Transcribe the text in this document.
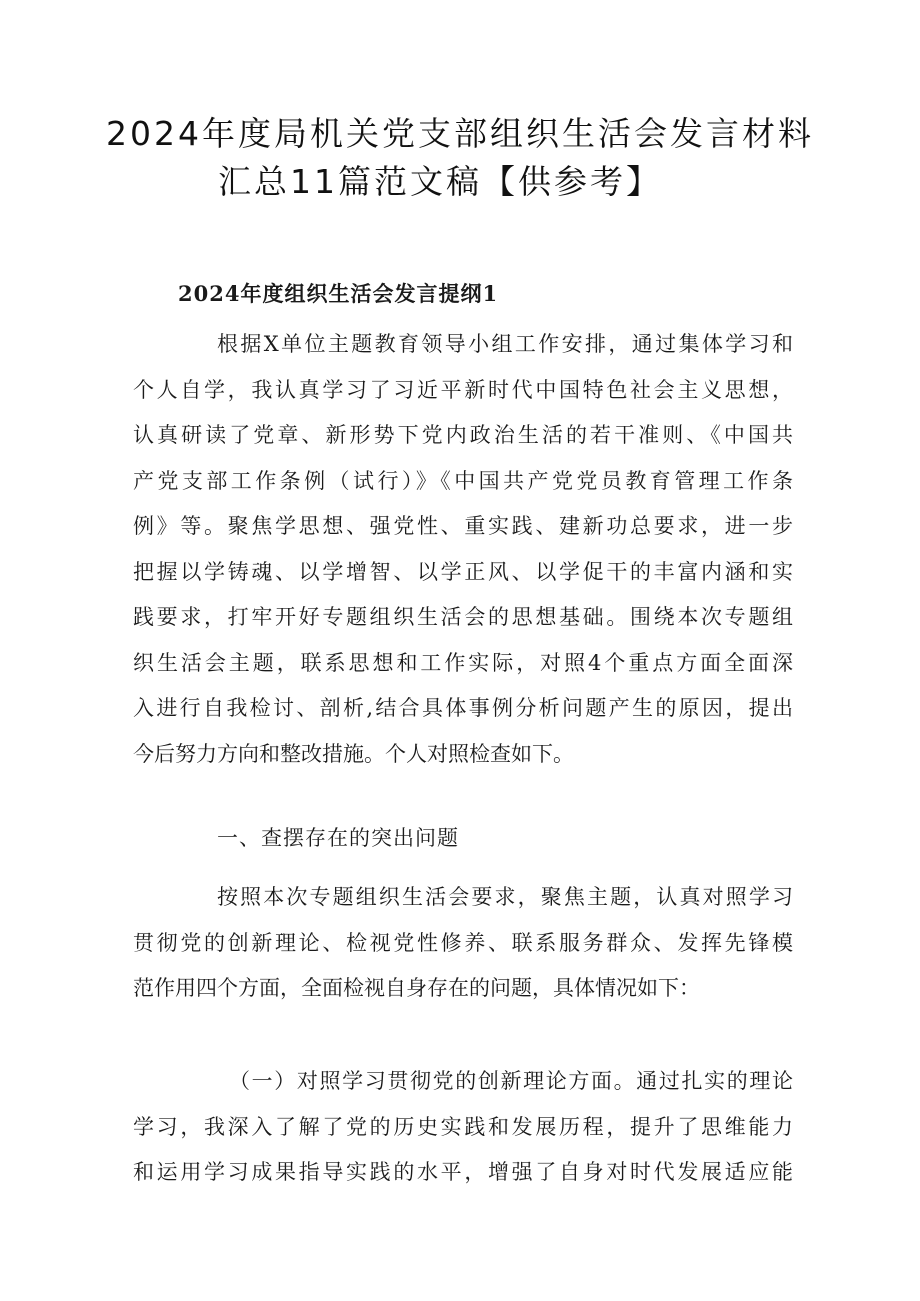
2024年度局机关党支部组织生活会发言材料
汇总11篇范文稿【供参考】
2024年度组织生活会发言提纲1
根据X单位主题教育领导小组工作安排，通过集体学习和
个人自学，我认真学习了习近平新时代中国特色社会主义思想，
认真研读了党章、新形势下党内政治生活的若干准则、《中国共
产党支部工作条例（试行）》《中国共产党党员教育管理工作条
例》等。聚焦学思想、强党性、重实践、建新功总要求，进一步
把握以学铸魂、以学增智、以学正风、以学促干的丰富内涵和实
践要求，打牢开好专题组织生活会的思想基础。围绕本次专题组
织生活会主题，联系思想和工作实际，对照4个重点方面全面深
入进行自我检讨、剖析,结合具体事例分析问题产生的原因，提出
今后努力方向和整改措施。个人对照检查如下。
一、查摆存在的突出问题
按照本次专题组织生活会要求，聚焦主题，认真对照学习
贯彻党的创新理论、检视党性修养、联系服务群众、发挥先锋模
范作用四个方面，全面检视自身存在的问题，具体情况如下：
（一）对照学习贯彻党的创新理论方面。通过扎实的理论
学习，我深入了解了党的历史实践和发展历程，提升了思维能力
和运用学习成果指导实践的水平，增强了自身对时代发展适应能
